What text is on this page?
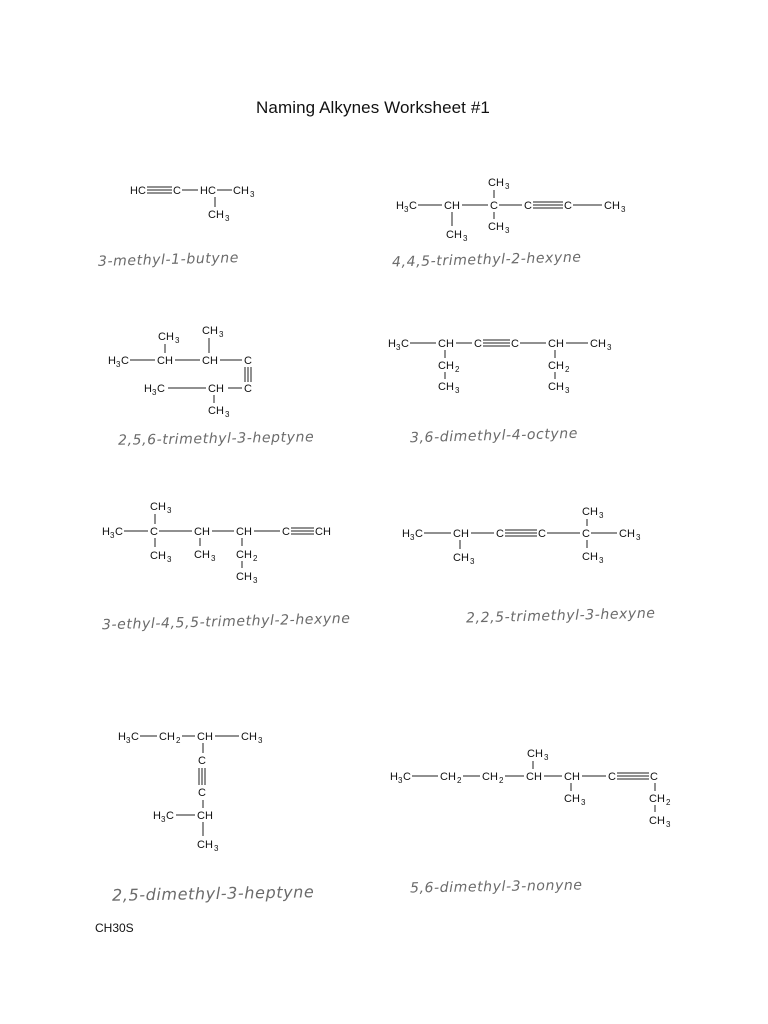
Naming Alkynes Worksheet #1
HC C HC CH 3
CH 3
H 3 C CH	C C	C	CH 3
CH 3
CH 3
CH 3
H 3 C	CH	CH C
C
CH
H 3 C
CH 3
CH 3
CH 3
H 3 C	CH C	C	CH CH 3
CH 2
CH 3
CH 2
CH 3
H 3 C C	CH CH	C CH
CH 3
CH 3 CH 3 CH 2
CH 3
H 3 C	CH C	C	C	CH 3
CH 3
CH 3
CH 3
H 3 C CH 2 CH	CH 3
C
C
CH
H 3 C
CH 3
H 3 C	CH 2 CH 2 CH CH	C	C
CH 3
CH 3	CH 2
CH 3
3-methyl-1-butyne	4,4,5-trimethyl-2-hexyne
2,5,6-trimethyl-3-heptyne	3,6-dimethyl-4-octyne
3-ethyl-4,5,5-trimethyl-2-hexyne	2,2,5-trimethyl-3-hexyne
2,5-dimethyl-3-heptyne	5,6-dimethyl-3-nonyne
CH30S
